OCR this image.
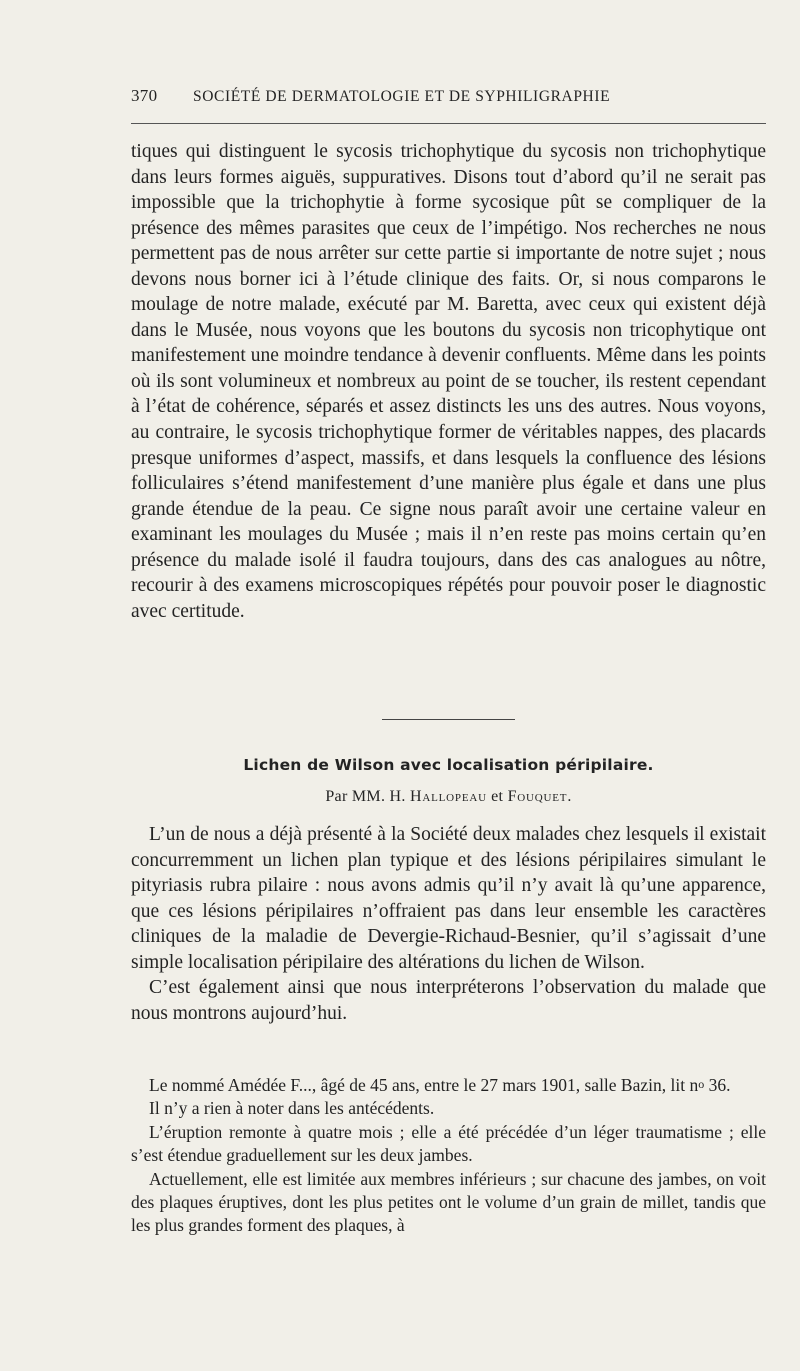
370 SOCIÉTÉ DE DERMATOLOGIE ET DE SYPHILIGRAPHIE

tiques qui distinguent le sycosis trichophytique du sycosis non trichophytique dans leurs formes aiguës, suppuratives. Disons tout d’abord qu’il ne serait pas impossible que la trichophytie à forme sycosique pût se compliquer de la présence des mêmes parasites que ceux de l’impétigo. Nos recherches ne nous permettent pas de nous arrêter sur cette partie si importante de notre sujet ; nous devons nous borner ici à l’étude clinique des faits. Or, si nous comparons le moulage de notre malade, exécuté par M. Baretta, avec ceux qui existent déjà dans le Musée, nous voyons que les boutons du sycosis non tricophytique ont manifestement une moindre tendance à devenir confluents. Même dans les points où ils sont volumineux et nombreux au point de se toucher, ils restent cependant à l’état de cohérence, séparés et assez distincts les uns des autres. Nous voyons, au contraire, le sycosis trichophytique former de véritables nappes, des placards presque uniformes d’aspect, massifs, et dans lesquels la confluence des lésions folliculaires s’étend manifestement d’une manière plus égale et dans une plus grande étendue de la peau. Ce signe nous paraît avoir une certaine valeur en examinant les moulages du Musée ; mais il n’en reste pas moins certain qu’en présence du malade isolé il faudra toujours, dans des cas analogues au nôtre, recourir à des examens microscopiques répétés pour pouvoir poser le diagnostic avec certitude.

Lichen de Wilson avec localisation péripilaire.
Par MM. H. Hallopeau et Fouquet.

L’un de nous a déjà présenté à la Société deux malades chez lesquels il existait concurremment un lichen plan typique et des lésions péripilaires simulant le pityriasis rubra pilaire : nous avons admis qu’il n’y avait là qu’une apparence, que ces lésions péripilaires n’offraient pas dans leur ensemble les caractères cliniques de la maladie de Devergie-Richaud-Besnier, qu’il s’agissait d’une simple localisation péripilaire des altérations du lichen de Wilson.

C’est également ainsi que nous interpréterons l’observation du malade que nous montrons aujourd’hui.

Le nommé Amédée F..., âgé de 45 ans, entre le 27 mars 1901, salle Bazin, lit $n^o$ 36.

Il n’y a rien à noter dans les antécédents.

L’éruption remonte à quatre mois ; elle a été précédée d’un léger traumatisme ; elle s’est étendue graduellement sur les deux jambes.

Actuellement, elle est limitée aux membres inférieurs ; sur chacune des jambes, on voit des plaques éruptives, dont les plus petites ont le volume d’un grain de millet, tandis que les plus grandes forment des plaques, à
